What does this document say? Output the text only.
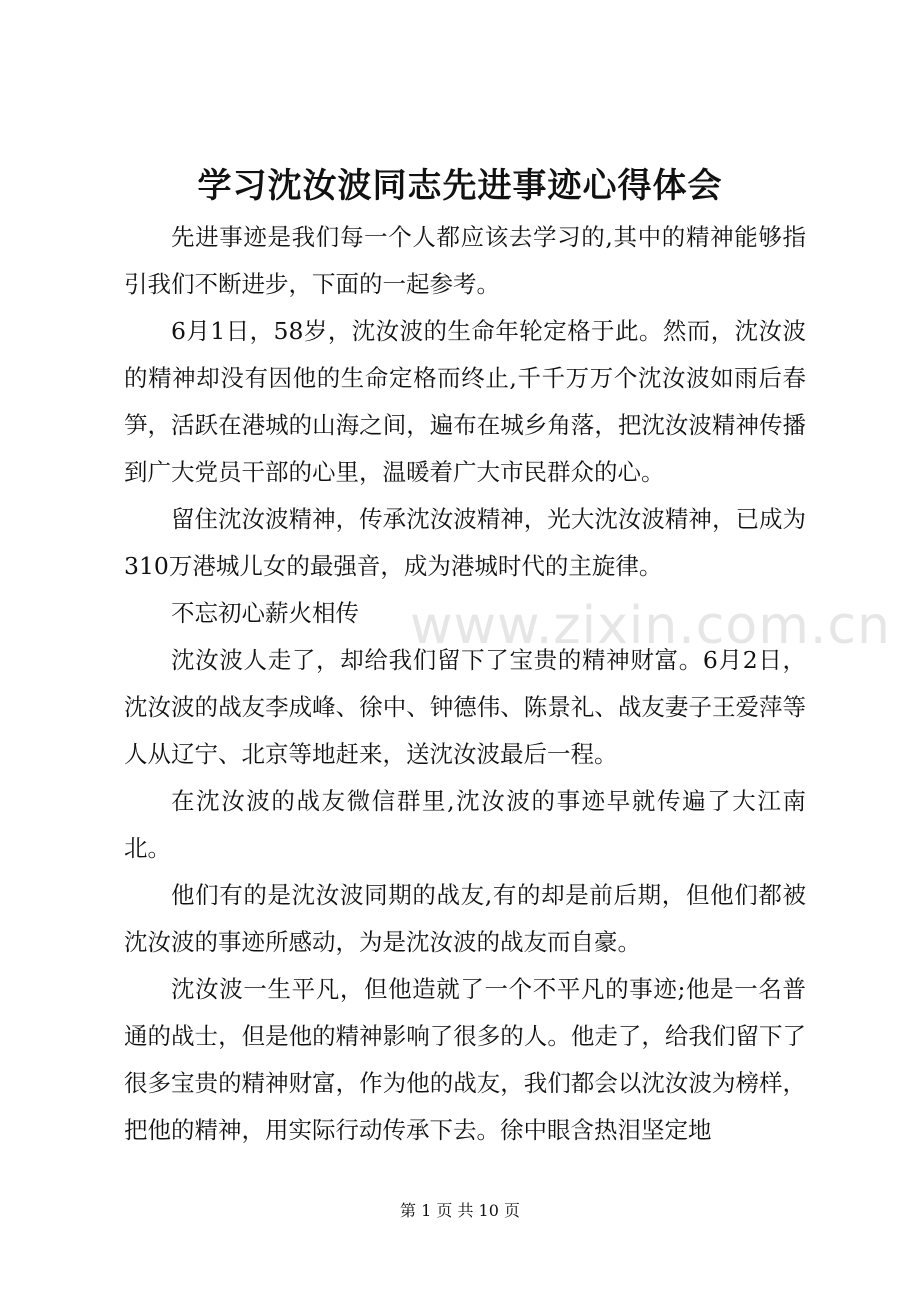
www.zixin.com.cn
学习沈汝波同志先进事迹心得体会

先进事迹是我们每一个人都应该去学习的,其中的精神能够指引我们不断进步，下面的一起参考。

6月1日，58岁，沈汝波的生命年轮定格于此。然而，沈汝波的精神却没有因他的生命定格而终止,千千万万个沈汝波如雨后春笋，活跃在港城的山海之间，遍布在城乡角落，把沈汝波精神传播到广大党员干部的心里，温暖着广大市民群众的心。

留住沈汝波精神，传承沈汝波精神，光大沈汝波精神，已成为310万港城儿女的最强音，成为港城时代的主旋律。

不忘初心薪火相传

沈汝波人走了，却给我们留下了宝贵的精神财富。6月2日，沈汝波的战友李成峰、徐中、钟德伟、陈景礼、战友妻子王爱萍等人从辽宁、北京等地赶来，送沈汝波最后一程。

在沈汝波的战友微信群里,沈汝波的事迹早就传遍了大江南北。

他们有的是沈汝波同期的战友,有的却是前后期，但他们都被沈汝波的事迹所感动，为是沈汝波的战友而自豪。

沈汝波一生平凡，但他造就了一个不平凡的事迹;他是一名普通的战士，但是他的精神影响了很多的人。他走了，给我们留下了很多宝贵的精神财富，作为他的战友，我们都会以沈汝波为榜样，把他的精神，用实际行动传承下去。徐中眼含热泪坚定地

第 1 页 共 10 页
